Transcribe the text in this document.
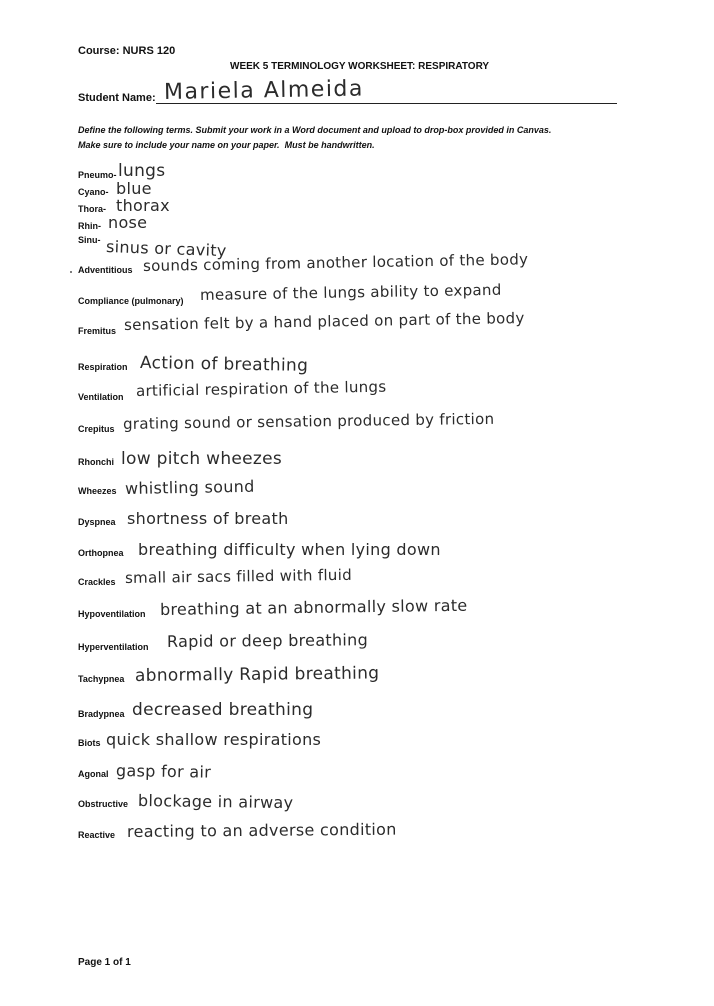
Course: NURS 120
WEEK 5 TERMINOLOGY WORKSHEET: RESPIRATORY
Student Name: Mariela Almeida
Define the following terms. Submit your work in a Word document and upload to drop-box provided in Canvas.
Make sure to include your name on your paper. Must be handwritten.
Pneumo- lungs
Cyano- blue
Thora- thorax
Rhin- nose
Sinu- sinus or cavity
Adventitious sounds coming from another location of the body
Compliance (pulmonary) measure of the lungs ability to expand
Fremitus sensation felt by a hand placed on part of the body
Respiration Action of breathing
Ventilation artificial respiration of the lungs
Crepitus grating sound or sensation produced by friction
Rhonchi low pitch wheezes
Wheezes whistling sound
Dyspnea shortness of breath
Orthopnea breathing difficulty when lying down
Crackles small air sacs filled with fluid
Hypoventilation breathing at an abnormally slow rate
Hyperventilation Rapid or deep breathing
Tachypnea abnormally Rapid breathing
Bradypnea decreased breathing
Biots quick shallow respirations
Agonal gasp for air
Obstructive blockage in airway
Reactive reacting to an adverse condition
Page 1 of 1
